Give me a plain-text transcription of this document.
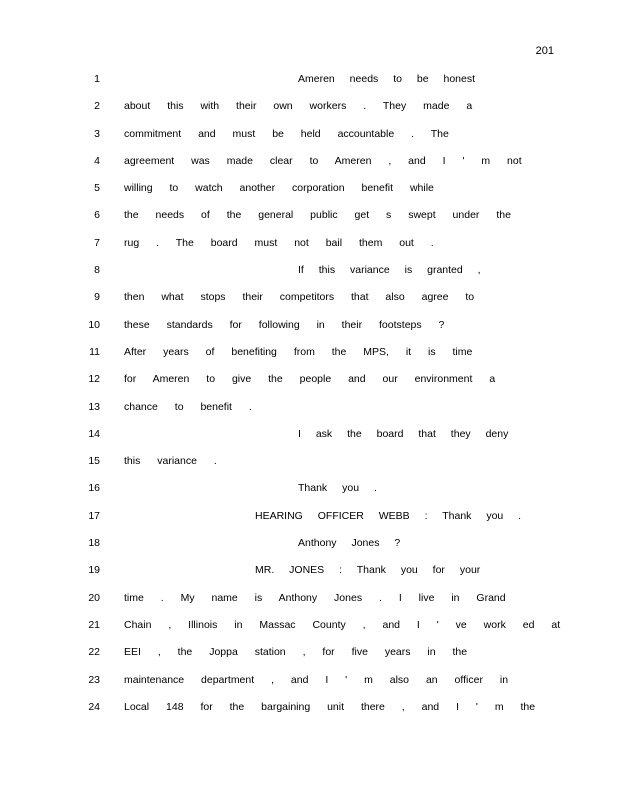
201
1	Ameren needs to be honest
2 about this with their own workers . They made a
3 commitment and must be held accountable . The
4 agreement was made clear to Ameren , and I ' m not
5 willing to watch another corporation benefit while
6 the needs of the general public get s swept under the
7 rug . The board must not bail them out .
8	If this variance is granted ,
9 then what stops their competitors that also agree to
10 these standards for following in their footsteps ?
11 After years of benefiting from the MPS, it is time
12 for Ameren to give the people and our environment a
13 chance to benefit .
14	I ask the board that they deny
15 this variance .
16	Thank you .
17	HEARING OFFICER WEBB : Thank you .
18	Anthony Jones ?
19	MR. JONES : Thank you for your
20 time . My name is Anthony Jones . I live in Grand
21 Chain , Illinois in Massac County , and I ' ve work ed at
22 EEI , the Joppa station , for five years in the
23 maintenance department , and I ' m also an officer in
24 Local 148 for the bargaining unit there , and I ' m the
